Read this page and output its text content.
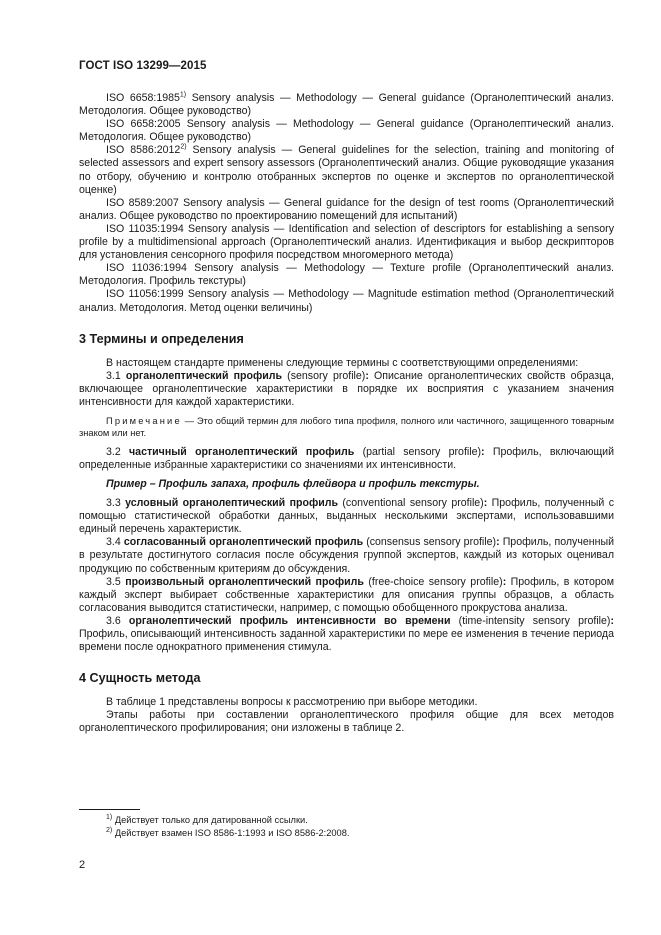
ГОСТ ISO 13299—2015

ISO 6658:1985$^{1)}$ Sensory analysis — Methodology — General guidance (Органолептический анализ. Методология. Общее руководство)

ISO 6658:2005 Sensory analysis — Methodology — General guidance (Органолептический анализ. Методология. Общее руководство)

ISO 8586:2012$^{2)}$ Sensory analysis — General guidelines for the selection, training and monitoring of selected assessors and expert sensory assessors (Органолептический анализ. Общие руководящие указания по отбору, обучению и контролю отобранных экспертов по оценке и экспертов по органолептической оценке)

ISO 8589:2007 Sensory analysis — General guidance for the design of test rooms (Органолептический анализ. Общее руководство по проектированию помещений для испытаний)

ISO 11035:1994 Sensory analysis — Identification and selection of descriptors for establishing a sensory profile by a multidimensional approach (Органолептический анализ. Идентификация и выбор дескрипторов для установления сенсорного профиля посредством многомерного метода)

ISO 11036:1994 Sensory analysis — Methodology — Texture profile (Органолептический анализ. Методология. Профиль текстуры)

ISO 11056:1999 Sensory analysis — Methodology — Magnitude estimation method (Органолептический анализ. Методология. Метод оценки величины)

3 Термины и определения

В настоящем стандарте применены следующие термины с соответствующими определениями:

3.1 органолептический профиль (sensory profile): Описание органолептических свойств образца, включающее органолептические характеристики в порядке их восприятия с указанием значения интенсивности для каждой характеристики.

Примечание — Это общий термин для любого типа профиля, полного или частичного, защищенного товарным знаком или нет.

3.2 частичный органолептический профиль (partial sensory profile): Профиль, включающий определенные избранные характеристики со значениями их интенсивности.

Пример – Профиль запаха, профиль флейвора и профиль текстуры.

3.3 условный органолептический профиль (conventional sensory profile): Профиль, полученный с помощью статистической обработки данных, выданных несколькими экспертами, использовавшими единый перечень характеристик.

3.4 согласованный органолептический профиль (consensus sensory profile): Профиль, полученный в результате достигнутого согласия после обсуждения группой экспертов, каждый из которых оценивал продукцию по собственным критериям до обсуждения.

3.5 произвольный органолептический профиль (free-choice sensory profile): Профиль, в котором каждый эксперт выбирает собственные характеристики для описания группы образцов, а область согласования выводится статистически, например, с помощью обобщенного прокрустова анализа.

3.6 органолептический профиль интенсивности во времени (time-intensity sensory profile): Профиль, описывающий интенсивность заданной характеристики по мере ее изменения в течение периода времени после однократного применения стимула.

4 Сущность метода

В таблице 1 представлены вопросы к рассмотрению при выборе методики.

Этапы работы при составлении органолептического профиля общие для всех методов органолептического профилирования; они изложены в таблице 2.

$^{1)}$ Действует только для датированной ссылки.
$^{2)}$ Действует взамен ISO 8586-1:1993 и ISO 8586-2:2008.
2
